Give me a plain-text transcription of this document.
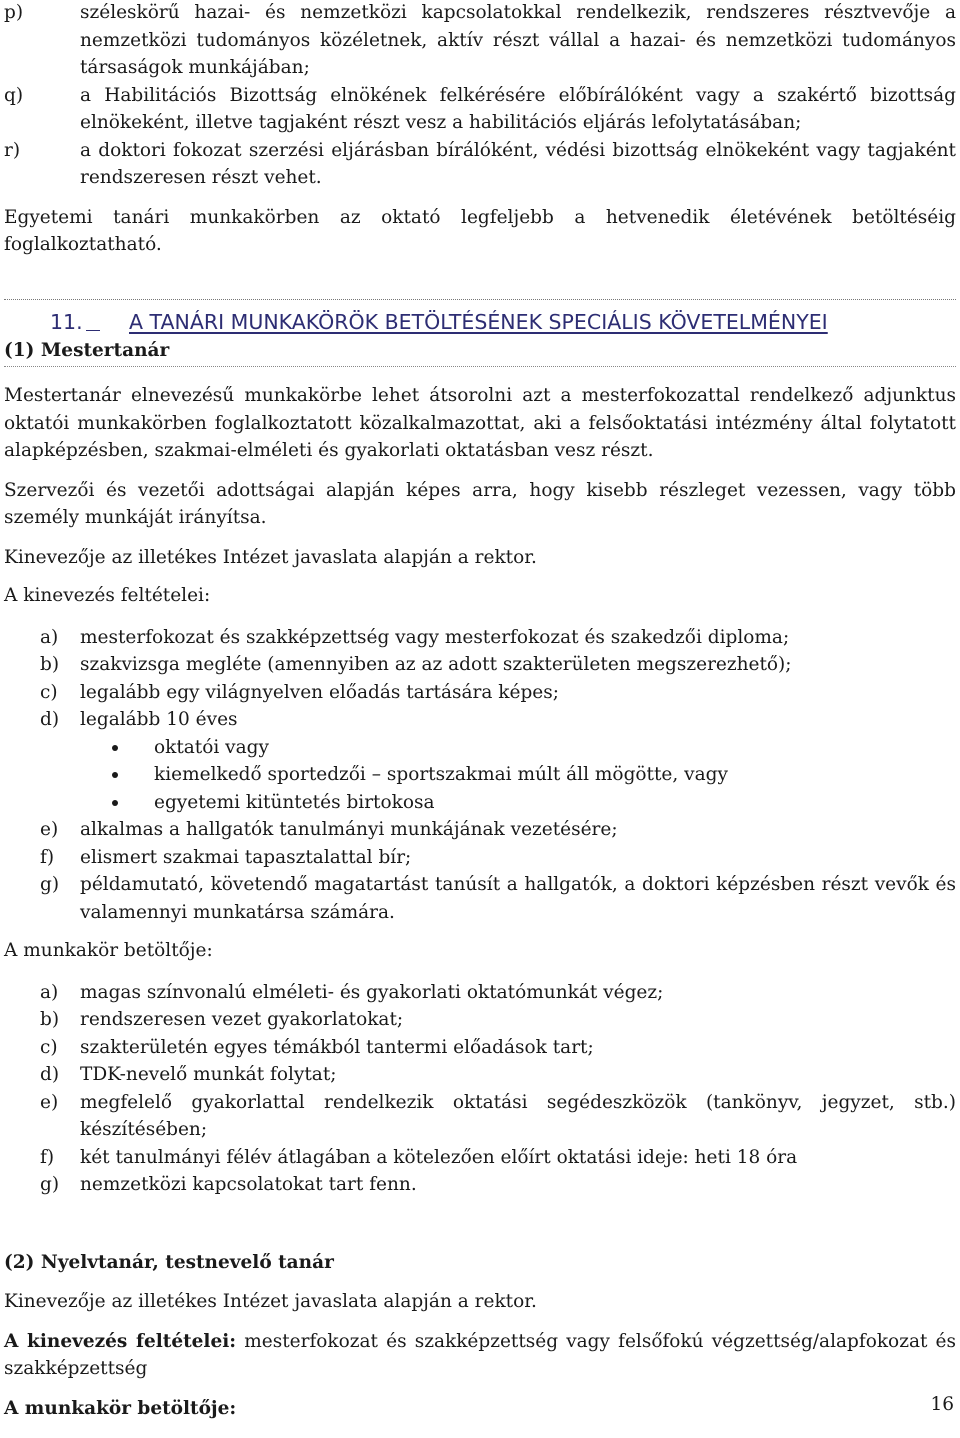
p)	széleskörű hazai- és nemzetközi kapcsolatokkal rendelkezik, rendszeres résztvevője a nemzetközi tudományos közéletnek, aktív részt vállal a hazai- és nemzetközi tudományos társaságok munkájában;
q)	a Habilitációs Bizottság elnökének felkérésére előbírálóként vagy a szakértő bizottság elnökeként, illetve tagjaként részt vesz a habilitációs eljárás lefolytatásában;
r)	a doktori fokozat szerzési eljárásban bírálóként, védési bizottság elnökeként vagy tagjaként rendszeresen részt vehet.

Egyetemi tanári munkakörben az oktató legfeljebb a hetvenedik életévének betöltéséig foglalkoztatható.

11. A TANÁRI MUNKAKÖRÖK BETÖLTÉSÉNEK SPECIÁLIS KÖVETELMÉNYEI
(1) Mestertanár

Mestertanár elnevezésű munkakörbe lehet átsorolni azt a mesterfokozattal rendelkező adjunktus oktatói munkakörben foglalkoztatott közalkalmazottat, aki a felsőoktatási intézmény által folytatott alapképzésben, szakmai-elméleti és gyakorlati oktatásban vesz részt.

Szervezői és vezetői adottságai alapján képes arra, hogy kisebb részleget vezessen, vagy több személy munkáját irányítsa.

Kinevezője az illetékes Intézet javaslata alapján a rektor.

A kinevezés feltételei:

a)	mesterfokozat és szakképzettség vagy mesterfokozat és szakedzői diploma;
b)	szakvizsga megléte (amennyiben az az adott szakterületen megszerezhető);
c)	legalább egy világnyelven előadás tartására képes;
d)	legalább 10 éves
oktatói vagy
kiemelkedő sportedzői – sportszakmai múlt áll mögötte, vagy
egyetemi kitüntetés birtokosa
e)	alkalmas a hallgatók tanulmányi munkájának vezetésére;
f)	elismert szakmai tapasztalattal bír;
g)	példamutató, követendő magatartást tanúsít a hallgatók, a doktori képzésben részt vevők és valamennyi munkatársa számára.

A munkakör betöltője:

a)	magas színvonalú elméleti- és gyakorlati oktatómunkát végez;
b)	rendszeresen vezet gyakorlatokat;
c)	szakterületén egyes témákból tantermi előadások tart;
d)	TDK-nevelő munkát folytat;
e)	megfelelő gyakorlattal rendelkezik oktatási segédeszközök (tankönyv, jegyzet, stb.) készítésében;
f)	két tanulmányi félév átlagában a kötelezően előírt oktatási ideje: heti 18 óra
g)	nemzetközi kapcsolatokat tart fenn.

(2) Nyelvtanár, testnevelő tanár

Kinevezője az illetékes Intézet javaslata alapján a rektor.

A kinevezés feltételei: mesterfokozat és szakképzettség vagy felsőfokú végzettség/alapfokozat és szakképzettség

A munkakör betöltője:	16
